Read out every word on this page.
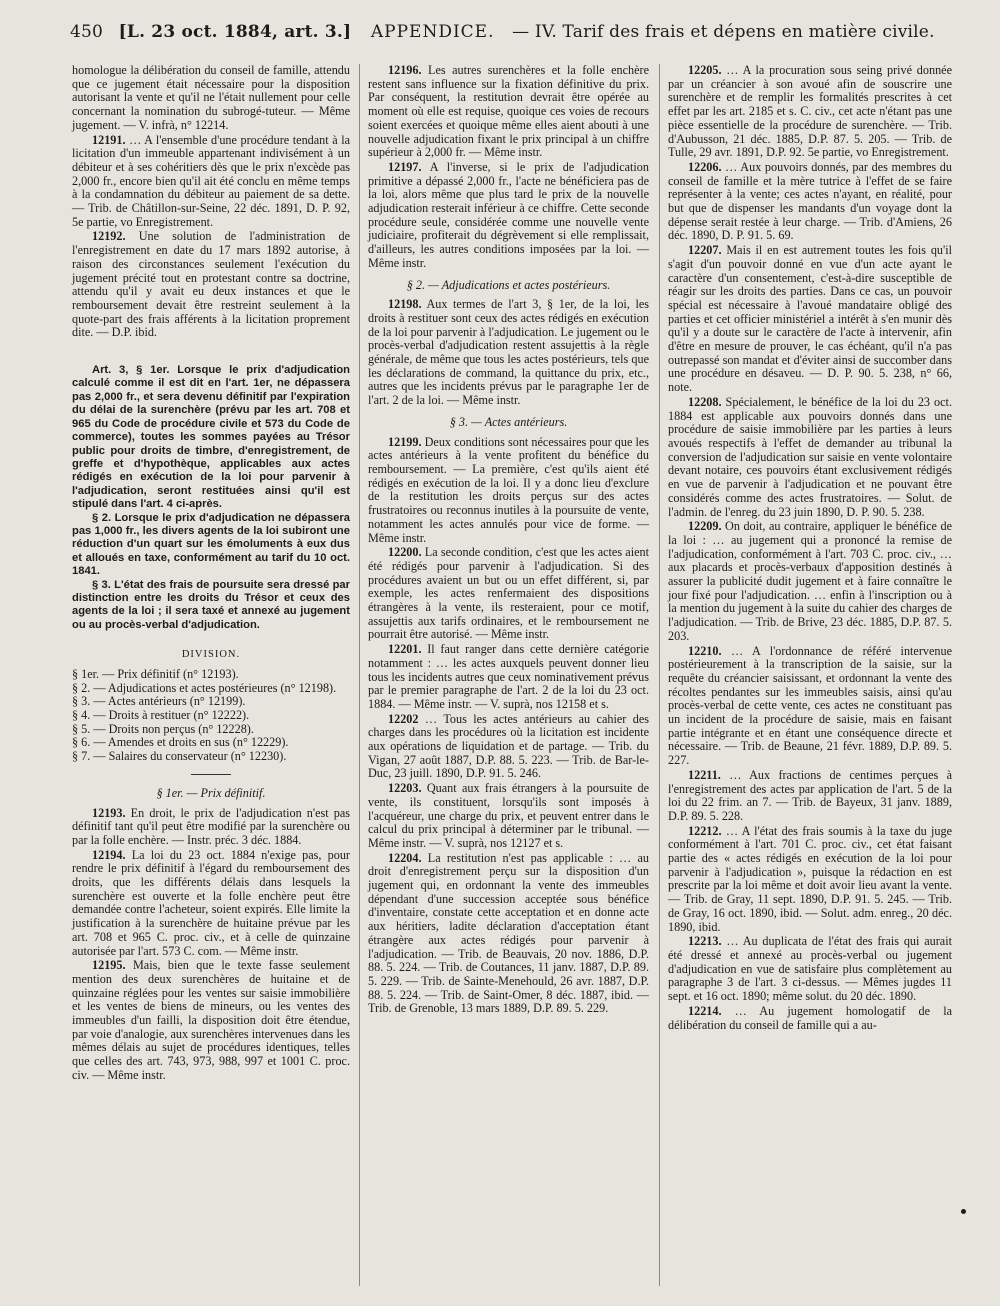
450 [L. 23 oct. 1884, art. 3.] APPENDICE. — IV. Tarif des frais et dépens en matière civile.

homologue la délibération du conseil de famille, attendu que ce jugement était nécessaire pour la disposition autorisant la vente et qu'il ne l'était nullement pour celle concernant la nomination du subrogé-tuteur. — Même jugement. — V. infrà, n° 12214.

12191. … A l'ensemble d'une procédure tendant à la licitation d'un immeuble appartenant indivisément à un débiteur et à ses cohéritiers dès que le prix n'excède pas 2,000 fr., encore bien qu'il ait été conclu en même temps à la condamnation du débiteur au paiement de sa dette. — Trib. de Châtillon-sur-Seine, 22 déc. 1891, D. P. 92, 5e partie, vo Enregistrement.

12192. Une solution de l'administration de l'enregistrement en date du 17 mars 1892 autorise, à raison des circonstances seulement l'exécution du jugement précité tout en protestant contre sa doctrine, attendu qu'il y avait eu deux instances et que le remboursement devait être restreint seulement à la quote-part des frais afférents à la licitation proprement dite. — D.P. ibid.

Art. 3, § 1er. Lorsque le prix d'adjudication calculé comme il est dit en l'art. 1er, ne dépassera pas 2,000 fr., et sera devenu définitif par l'expiration du délai de la surenchère (prévu par les art. 708 et 965 du Code de procédure civile et 573 du Code de commerce), toutes les sommes payées au Trésor public pour droits de timbre, d'enregistrement, de greffe et d'hypothèque, applicables aux actes rédigés en exécution de la loi pour parvenir à l'adjudication, seront restituées ainsi qu'il est stipulé dans l'art. 4 ci-après.

§ 2. Lorsque le prix d'adjudication ne dépassera pas 1,000 fr., les divers agents de la loi subiront une réduction d'un quart sur les émoluments à eux dus et alloués en taxe, conformément au tarif du 10 oct. 1841.

§ 3. L'état des frais de poursuite sera dressé par distinction entre les droits du Trésor et ceux des agents de la loi ; il sera taxé et annexé au jugement ou au procès-verbal d'adjudication.

DIVISION.

§ 1er. — Prix définitif (n° 12193).

§ 2. — Adjudications et actes postérieures (n° 12198).

§ 3. — Actes antérieurs (n° 12199).

§ 4. — Droits à restituer (n° 12222).

§ 5. — Droits non perçus (n° 12228).

§ 6. — Amendes et droits en sus (n° 12229).

§ 7. — Salaires du conservateur (n° 12230).

§ 1er. — Prix définitif.

12193. En droit, le prix de l'adjudication n'est pas définitif tant qu'il peut être modifié par la surenchère ou par la folle enchère. — Instr. préc. 3 déc. 1884.

12194. La loi du 23 oct. 1884 n'exige pas, pour rendre le prix définitif à l'égard du remboursement des droits, que les différents délais dans lesquels la surenchère est ouverte et la folle enchère peut être demandée contre l'acheteur, soient expirés. Elle limite la justification à la surenchère de huitaine prévue par les art. 708 et 965 C. proc. civ., et à celle de quinzaine autorisée par l'art. 573 C. com. — Même instr.

12195. Mais, bien que le texte fasse seulement mention des deux surenchères de huitaine et de quinzaine réglées pour les ventes sur saisie immobilière et les ventes de biens de mineurs, ou les ventes des immeubles d'un failli, la disposition doit être étendue, par voie d'analogie, aux surenchères intervenues dans les mêmes délais au sujet de procédures identiques, telles que celles des art. 743, 973, 988, 997 et 1001 C. proc. civ. — Même instr.

12196. Les autres surenchères et la folle enchère restent sans influence sur la fixation définitive du prix. Par conséquent, la restitution devrait être opérée au moment où elle est requise, quoique ces voies de recours soient exercées et quoique même elles aient abouti à une nouvelle adjudication fixant le prix principal à un chiffre supérieur à 2,000 fr. — Même instr.

12197. A l'inverse, si le prix de l'adjudication primitive a dépassé 2,000 fr., l'acte ne bénéficiera pas de la loi, alors même que plus tard le prix de la nouvelle adjudication resterait inférieur à ce chiffre. Cette seconde procédure seule, considérée comme une nouvelle vente judiciaire, profiterait du dégrèvement si elle remplissait, d'ailleurs, les autres conditions imposées par la loi. — Même instr.

§ 2. — Adjudications et actes postérieurs.

12198. Aux termes de l'art 3, § 1er, de la loi, les droits à restituer sont ceux des actes rédigés en exécution de la loi pour parvenir à l'adjudication. Le jugement ou le procès-verbal d'adjudication restent assujettis à la règle générale, de même que tous les actes postérieurs, tels que les déclarations de command, la quittance du prix, etc., autres que les incidents prévus par le paragraphe 1er de l'art. 2 de la loi. — Même instr.

§ 3. — Actes antérieurs.

12199. Deux conditions sont nécessaires pour que les actes antérieurs à la vente profitent du bénéfice du remboursement. — La première, c'est qu'ils aient été rédigés en exécution de la loi. Il y a donc lieu d'exclure de la restitution les droits perçus sur des actes frustratoires ou reconnus inutiles à la poursuite de vente, notamment les actes annulés pour vice de forme. — Même instr.

12200. La seconde condition, c'est que les actes aient été rédigés pour parvenir à l'adjudication. Si des procédures avaient un but ou un effet différent, si, par exemple, les actes renfermaient des dispositions étrangères à la vente, ils resteraient, pour ce motif, assujettis aux tarifs ordinaires, et le remboursement ne pourrait être autorisé. — Même instr.

12201. Il faut ranger dans cette dernière catégorie notamment : … les actes auxquels peuvent donner lieu tous les incidents autres que ceux nominativement prévus par le premier paragraphe de l'art. 2 de la loi du 23 oct. 1884. — Même instr. — V. suprà, nos 12158 et s.

12202 … Tous les actes antérieurs au cahier des charges dans les procédures où la licitation est incidente aux opérations de liquidation et de partage. — Trib. du Vigan, 27 août 1887, D.P. 88. 5. 223. — Trib. de Bar-le-Duc, 23 juill. 1890, D.P. 91. 5. 246.

12203. Quant aux frais étrangers à la poursuite de vente, ils constituent, lorsqu'ils sont imposés à l'acquéreur, une charge du prix, et peuvent entrer dans le calcul du prix principal à déterminer par le tribunal. — Même instr. — V. suprà, nos 12127 et s.

12204. La restitution n'est pas applicable : … au droit d'enregistrement perçu sur la disposition d'un jugement qui, en ordonnant la vente des immeubles dépendant d'une succession acceptée sous bénéfice d'inventaire, constate cette acceptation et en donne acte aux héritiers, ladite déclaration d'acceptation étant étrangère aux actes rédigés pour parvenir à l'adjudication. — Trib. de Beauvais, 20 nov. 1886, D.P. 88. 5. 224. — Trib. de Coutances, 11 janv. 1887, D.P. 89. 5. 229. — Trib. de Sainte-Menehould, 26 avr. 1887, D.P. 88. 5. 224. — Trib. de Saint-Omer, 8 déc. 1887, ibid. — Trib. de Grenoble, 13 mars 1889, D.P. 89. 5. 229.

12205. … A la procuration sous seing privé donnée par un créancier à son avoué afin de souscrire une surenchère et de remplir les formalités prescrites à cet effet par les art. 2185 et s. C. civ., cet acte n'étant pas une pièce essentielle de la procédure de surenchère. — Trib. d'Aubusson, 21 déc. 1885, D.P. 87. 5. 205. — Trib. de Tulle, 29 avr. 1891, D.P. 92. 5e partie, vo Enregistrement.

12206. … Aux pouvoirs donnés, par des membres du conseil de famille et la mère tutrice à l'effet de se faire représenter à la vente; ces actes n'ayant, en réalité, pour but que de dispenser les mandants d'un voyage dont la dépense serait restée à leur charge. — Trib. d'Amiens, 26 déc. 1890, D. P. 91. 5. 69.

12207. Mais il en est autrement toutes les fois qu'il s'agit d'un pouvoir donné en vue d'un acte ayant le caractère d'un consentement, c'est-à-dire susceptible de réagir sur les droits des parties. Dans ce cas, un pouvoir spécial est nécessaire à l'avoué mandataire obligé des parties et cet officier ministériel a intérêt à s'en munir dès qu'il y a doute sur le caractère de l'acte à intervenir, afin d'être en mesure de prouver, le cas échéant, qu'il n'a pas outrepassé son mandat et d'éviter ainsi de succomber dans une procédure en désaveu. — D. P. 90. 5. 238, n° 66, note.

12208. Spécialement, le bénéfice de la loi du 23 oct. 1884 est applicable aux pouvoirs donnés dans une procédure de saisie immobilière par les parties à leurs avoués respectifs à l'effet de demander au tribunal la conversion de l'adjudication sur saisie en vente volontaire devant notaire, ces pouvoirs étant exclusivement rédigés en vue de parvenir à l'adjudication et ne pouvant être considérés comme des actes frustratoires. — Solut. de l'admin. de l'enreg. du 23 juin 1890, D. P. 90. 5. 238.

12209. On doit, au contraire, appliquer le bénéfice de la loi : … au jugement qui a prononcé la remise de l'adjudication, conformément à l'art. 703 C. proc. civ., … aux placards et procès-verbaux d'apposition destinés à assurer la publicité dudit jugement et à faire connaître le jour fixé pour l'adjudication. … enfin à l'inscription ou à la mention du jugement à la suite du cahier des charges de l'adjudication. — Trib. de Brive, 23 déc. 1885, D.P. 87. 5. 203.

12210. … A l'ordonnance de référé intervenue postérieurement à la transcription de la saisie, sur la requête du créancier saisissant, et ordonnant la vente des récoltes pendantes sur les immeubles saisis, ainsi qu'au procès-verbal de cette vente, ces actes ne constituant pas un incident de la procédure de saisie, mais en faisant partie intégrante et en étant une conséquence directe et nécessaire. — Trib. de Beaune, 21 févr. 1889, D.P. 89. 5. 227.

12211. … Aux fractions de centimes perçues à l'enregistrement des actes par application de l'art. 5 de la loi du 22 frim. an 7. — Trib. de Bayeux, 31 janv. 1889, D.P. 89. 5. 228.

12212. … A l'état des frais soumis à la taxe du juge conformément à l'art. 701 C. proc. civ., cet état faisant partie des « actes rédigés en exécution de la loi pour parvenir à l'adjudication », puisque la rédaction en est prescrite par la loi même et doit avoir lieu avant la vente. — Trib. de Gray, 11 sept. 1890, D.P. 91. 5. 245. — Trib. de Gray, 16 oct. 1890, ibid. — Solut. adm. enreg., 20 déc. 1890, ibid.

12213. … Au duplicata de l'état des frais qui aurait été dressé et annexé au procès-verbal ou jugement d'adjudication en vue de satisfaire plus complètement au paragraphe 3 de l'art. 3 ci-dessus. — Mêmes jugdes 11 sept. et 16 oct. 1890; même solut. du 20 déc. 1890.

12214. … Au jugement homologatif de la délibération du conseil de famille qui a au-
